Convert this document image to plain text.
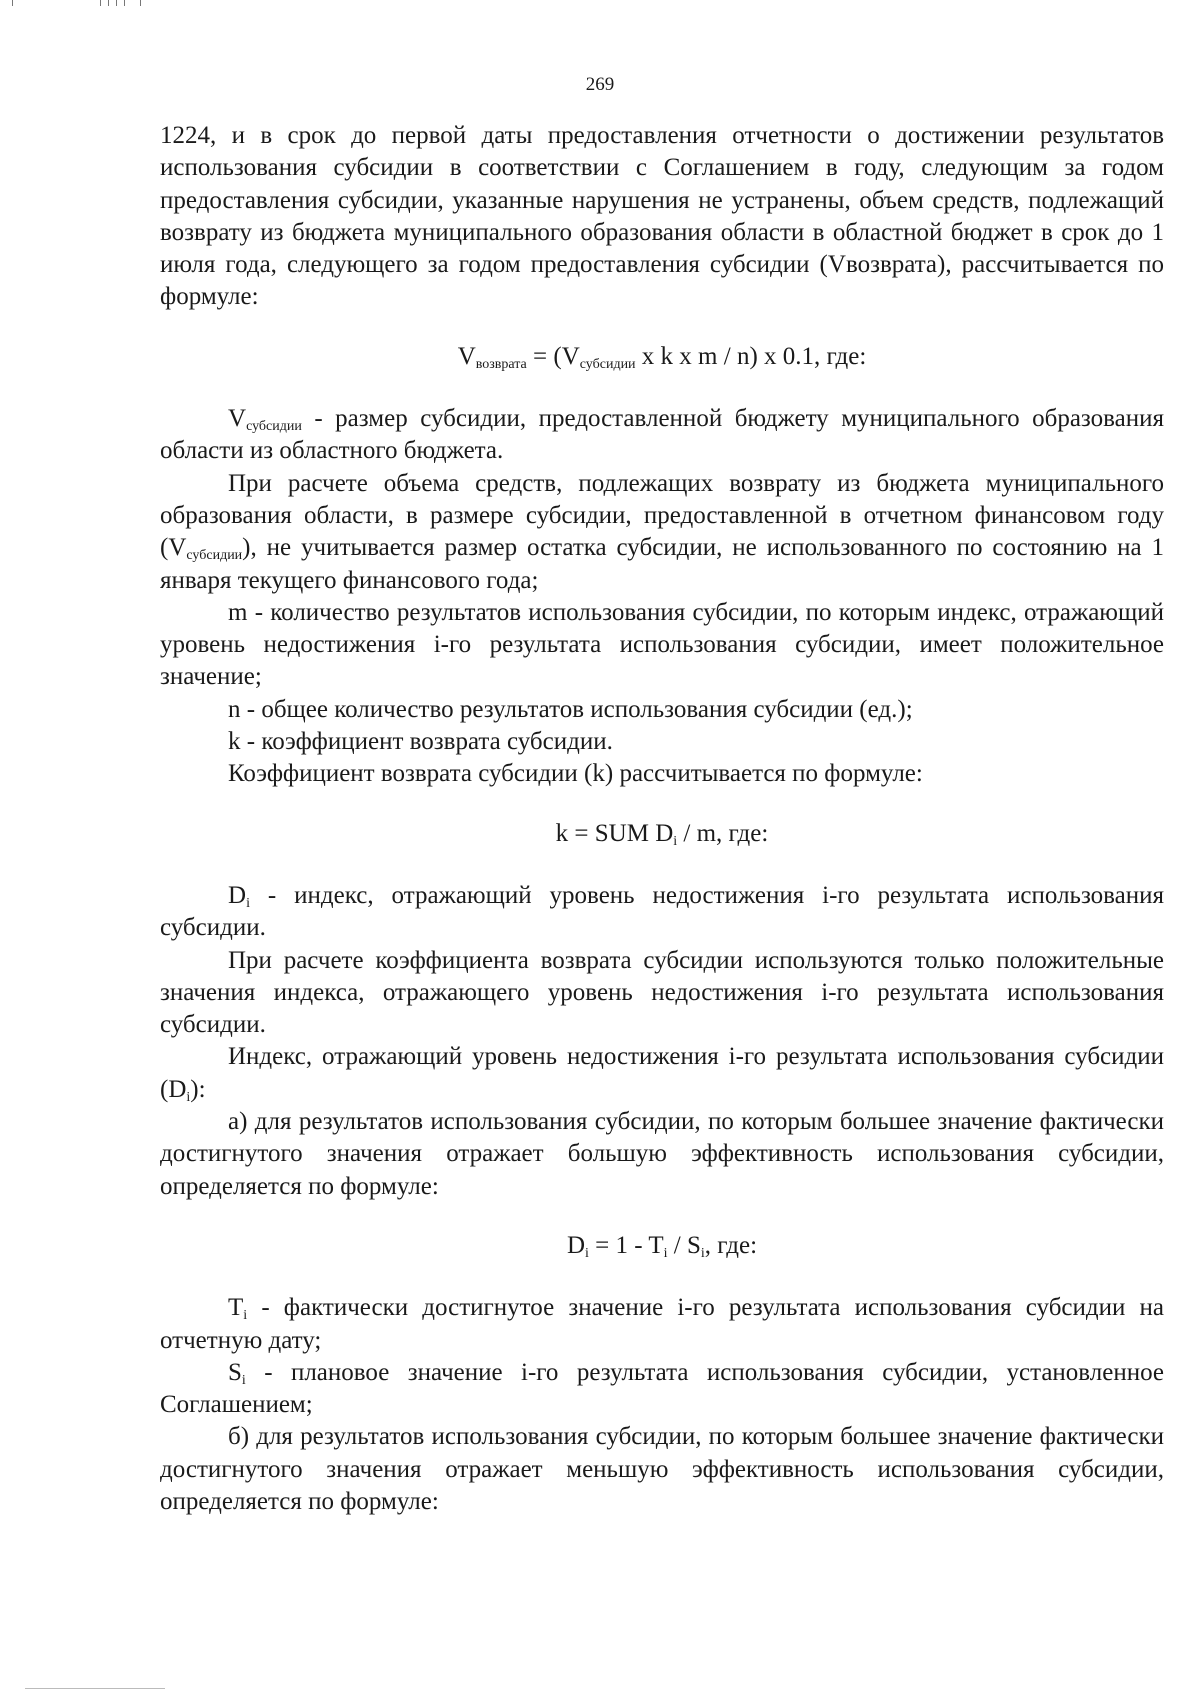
269

1224, и в срок до первой даты предоставления отчетности о достижении результатов использования субсидии в соответствии с Соглашением в году, следующим за годом предоставления субсидии, указанные нарушения не устранены, объем средств, подлежащий возврату из бюджета муниципального образования области в областной бюджет в срок до 1 июля года, следующего за годом предоставления субсидии (Vвозврата), рассчитывается по формуле:

$V_{возврата} = (V_{субсидии}$ x k x m / n) x 0.1, где:

$V_{субсидии}$ - размер субсидии, предоставленной бюджету муниципального образования области из областного бюджета.

При расчете объема средств, подлежащих возврату из бюджета муниципального образования области, в размере субсидии, предоставленной в отчетном финансовом году $(V_{субсидии})$, не учитывается размер остатка субсидии, не использованного по состоянию на 1 января текущего финансового года;

m - количество результатов использования субсидии, по которым индекс, отражающий уровень недостижения i-го результата использования субсидии, имеет положительное значение;

n - общее количество результатов использования субсидии (ед.);

k - коэффициент возврата субсидии.

Коэффициент возврата субсидии (k) рассчитывается по формуле:

k = SUM $D_i$ / m, где:

$D_i$ - индекс, отражающий уровень недостижения i-го результата использования субсидии.

При расчете коэффициента возврата субсидии используются только положительные значения индекса, отражающего уровень недостижения i-го результата использования субсидии.

Индекс, отражающий уровень недостижения i-го результата использования субсидии $(D_i)$:

а) для результатов использования субсидии, по которым большее значение фактически достигнутого значения отражает большую эффективность использования субсидии, определяется по формуле:

$D_i = 1 - T_i / S_i$, где:

$T_i$ - фактически достигнутое значение i-го результата использования субсидии на отчетную дату;

$S_i$ - плановое значение i-го результата использования субсидии, установленное Соглашением;

б) для результатов использования субсидии, по которым большее значение фактически достигнутого значения отражает меньшую эффективность использования субсидии, определяется по формуле:
